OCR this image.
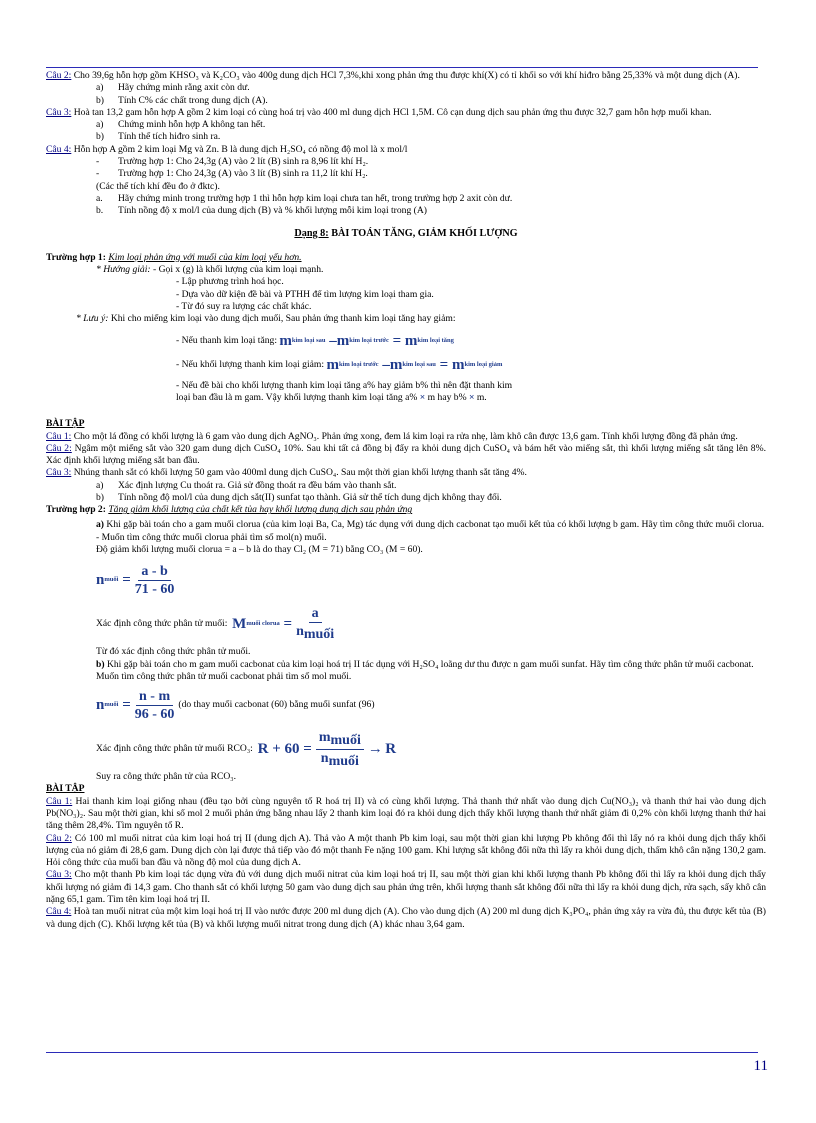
Câu 2: Cho 39,6g hỗn hợp gồm KHSO₃ và K₂CO₃ vào 400g dung dịch HCl 7,3%,khi xong phản ứng thu được khí(X) có tỉ khối so với khí hiđro bằng 25,33% và một dung dịch (A).

a)	Hãy chứng minh rằng axit còn dư.

b)	Tính C% các chất trong dung dịch (A).

Câu 3: Hoà tan 13,2 gam hỗn hợp A gồm 2 kim loại có cùng hoá trị vào 400 ml dung dịch HCl 1,5M. Cô cạn dung dịch sau phản ứng thu được 32,7 gam hỗn hợp muối khan.

a)	Chứng minh hỗn hợp A không tan hết.

b)	Tính thể tích hiđro sinh ra.

Câu 4: Hỗn hợp A gồm 2 kim loại Mg và Zn. B là dung dịch H₂SO₄ có nồng độ mol là x mol/l

-	Trường hợp 1: Cho 24,3g (A) vào 2 lít (B) sinh ra 8,96 lít khí H₂.

-	Trường hợp 1: Cho 24,3g (A) vào 3 lít (B) sinh ra 11,2 lít khí H₂.

(Các thể tích khí đều đo ở đktc).

a.	Hãy chứng minh trong trường hợp 1 thì hỗn hợp kim loại chưa tan hết, trong trường hợp 2 axit còn dư.

b.	Tính nồng độ x mol/l của dung dịch (B) và % khối lượng mỗi kim loại trong (A)

Dạng 8: BÀI TOÁN TĂNG, GIẢM KHỐI LƯỢNG

Trường hợp 1: Kim loại phản ứng với muối của kim loại yếu hơn.

* Hướng giải: - Gọi x (g) là khối lượng của kim loại mạnh.

- Lập phương trình hoá học.

- Dựa vào dữ kiện đề bài và PTHH để tìm lượng kim loại tham gia.

- Từ đó suy ra lượng các chất khác.

* Lưu ý: Khi cho miếng kim loại vào dung dịch muối, Sau phản ứng thanh kim loại tăng hay giảm:

- Nếu thanh kim loại tăng:
m kim loại sau –m kim loại trước = m kim loại tăng

- Nếu khối lượng thanh kim loại giảm:
m kim loại trước –m kim loại sau = m kim loại giảm

- Nếu đề bài cho khối lượng thanh kim loại tăng a% hay giảm b% thì nên đặt thanh kim

loại ban đầu là m gam. Vậy khối lượng thanh kim loại tăng a% × m hay b% × m.

BÀI TẬP

Câu 1: Cho một lá đồng có khối lượng là 6 gam vào dung dịch AgNO₃. Phản ứng xong, đem lá kim loại ra rửa nhẹ, làm khô cân được 13,6 gam. Tính khối lượng đồng đã phản ứng.

Câu 2: Ngâm một miếng sắt vào 320 gam dung dịch CuSO₄ 10%. Sau khi tất cả đồng bị đẩy ra khỏi dung dịch CuSO₄ và bám hết vào miếng sắt, thì khối lượng miếng sắt tăng lên 8%. Xác định khối lượng miếng sắt ban đầu.

Câu 3: Nhúng thanh sắt có khối lượng 50 gam vào 400ml dung dịch CuSO₄. Sau một thời gian khối lượng thanh sắt tăng 4%.

a)	Xác định lượng Cu thoát ra. Giả sử đồng thoát ra đều bám vào thanh sắt.

b)	Tính nồng độ mol/l của dung dịch sắt(II) sunfat tạo thành. Giả sử thể tích dung dịch không thay đổi.

Trường hợp 2: Tăng giảm khối lượng của chất kết tủa hay khối lượng dung dịch sau phản ứng

a) Khi gặp bài toán cho a gam muối clorua (của kim loại Ba, Ca, Mg) tác dụng với dung dịch cacbonat tạo muối kết tủa có khối lượng b gam. Hãy tìm công thức muối clorua.

- Muốn tìm công thức muối clorua phải tìm số mol(n) muối.

Độ giảm khối lượng muối clorua = a – b là do thay Cl₂ (M = 71) bằng CO₃ (M = 60).

n muối = $\frac{a - b}{71 - 60}$
Xác định công thức phân tử muối:
M muối clorua = $\frac{a}{\text{nmuối}}$

Từ đó xác định công thức phân tử muối.

b) Khi gặp bài toán cho m gam muối cacbonat của kim loại hoá trị II tác dụng với H₂SO₄ loãng dư thu được n gam muối sunfat. Hãy tìm công thức phân tử muối cacbonat.

Muốn tìm công thức phân tử muối cacbonat phải tìm số mol muối.

n muối = $\frac{n - m}{96 - 60} (do$ thay muối cacbonat (60) bằng muối sunfat (96)
Xác định công thức phân tử muối RCO₃:
$R + 60 = \frac{\text{mmuối}}{\text{nmuối}}$ →
R

Suy ra công thức phân tử của RCO₃.

BÀI TẬP

Câu 1: Hai thanh kim loại giống nhau (đều tạo bởi cùng nguyên tố R hoá trị II) và có cùng khối lượng. Thả thanh thứ nhất vào dung dịch Cu(NO₃)₂ và thanh thứ hai vào dung dịch Pb(NO₃)₂. Sau một thời gian, khi số mol 2 muối phản ứng bằng nhau lấy 2 thanh kim loại đó ra khỏi dung dịch thấy khối lượng thanh thứ nhất giảm đi 0,2% còn khối lượng thanh thứ hai tăng thêm 28,4%. Tìm nguyên tố R.

Câu 2: Có 100 ml muối nitrat của kim loại hoá trị II (dung dịch A). Thả vào A một thanh Pb kim loại, sau một thời gian khi lượng Pb không đổi thì lấy nó ra khỏi dung dịch thấy khối lượng của nó giảm đi 28,6 gam. Dung dịch còn lại được thả tiếp vào đó một thanh Fe nặng 100 gam. Khi lượng sắt không đổi nữa thì lấy ra khỏi dung dịch, thấm khô cân nặng 130,2 gam. Hỏi công thức của muối ban đầu và nồng độ mol của dung dịch A.

Câu 3: Cho một thanh Pb kim loại tác dụng vừa đủ với dung dịch muối nitrat của kim loại hoá trị II, sau một thời gian khi khối lượng thanh Pb không đổi thì lấy ra khỏi dung dịch thấy khối lượng nó giảm đi 14,3 gam. Cho thanh sắt có khối lượng 50 gam vào dung dịch sau phản ứng trên, khối lượng thanh sắt không đổi nữa thì lấy ra khỏi dung dịch, rửa sạch, sấy khô cân nặng 65,1 gam. Tìm tên kim loại hoá trị II.

Câu 4: Hoà tan muối nitrat của một kim loại hoá trị II vào nước được 200 ml dung dịch (A). Cho vào dung dịch (A) 200 ml dung dịch K₃PO₄, phản ứng xảy ra vừa đủ, thu được kết tủa (B) và dung dịch (C). Khối lượng kết tủa (B) và khối lượng muối nitrat trong dung dịch (A) khác nhau 3,64 gam.

11
